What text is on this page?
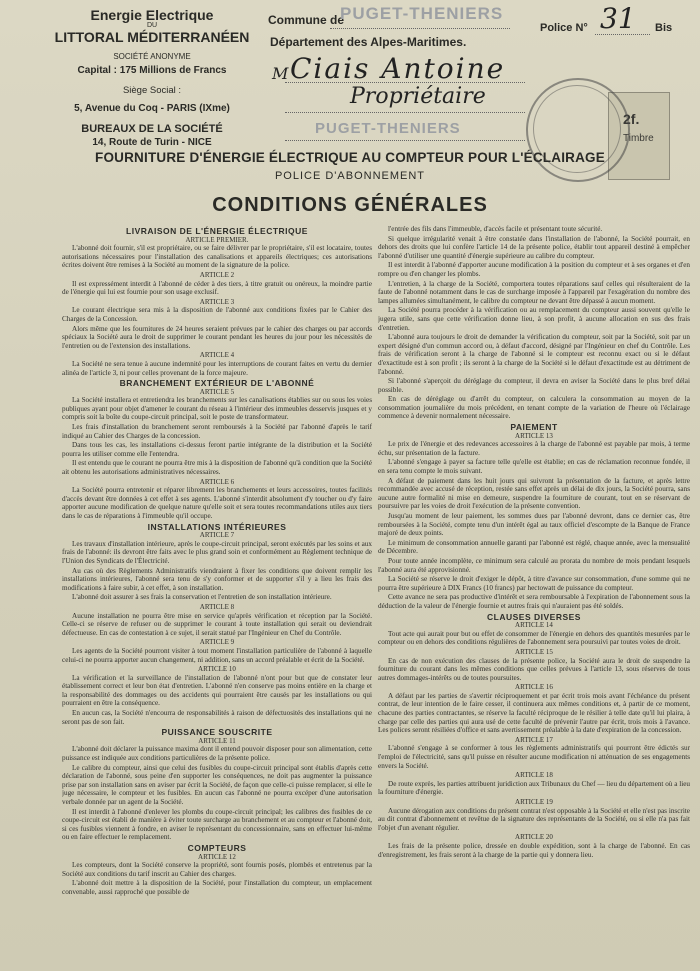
Energie Electrique
DU
LITTORAL MÉDITERRANÉEN
SOCIÉTÉ ANONYME
Capital : 175 Millions de Francs
Siège Social :
5, Avenue du Coq - PARIS (IXme)
BUREAUX DE LA SOCIÉTÉ
14, Route de Turin - NICE
Commune de
PUGET-THENIERS
Département des Alpes-Maritimes.
Police N° 31 Bis
M Ciais Antoine
Propriétaire
PUGET-THENIERS
2f.
Timbre
FOURNITURE D'ÉNERGIE ÉLECTRIQUE AU COMPTEUR POUR L'ÉCLAIRAGE
POLICE D'ABONNEMENT
CONDITIONS GÉNÉRALES

LIVRAISON DE L'ÉNERGIE ÉLECTRIQUE

ARTICLE PREMIER.

L'abonné doit fournir, s'il est propriétaire, ou se faire délivrer par le propriétaire, s'il est locataire, toutes autorisations nécessaires pour l'installation des canalisations et appareils électriques; ces autorisations écrites doivent être remises à la Société au moment de la signature de la police.

ARTICLE 2

Il est expressément interdit à l'abonné de céder à des tiers, à titre gratuit ou onéreux, la moindre partie de l'énergie qui lui est fournie pour son usage exclusif.

ARTICLE 3

Le courant électrique sera mis à la disposition de l'abonné aux conditions fixées par le Cahier des Charges de la Concession.

Alors même que les fournitures de 24 heures seraient prévues par le cahier des charges ou par accords spéciaux la Société aura le droit de supprimer le courant pendant les heures du jour pour les nécessités de l'entretien ou de l'extension des installations.

ARTICLE 4

La Société ne sera tenue à aucune indemnité pour les interruptions de courant faites en vertu du dernier alinéa de l'article 3, ni pour celles provenant de la force majeure.

BRANCHEMENT EXTÉRIEUR DE L'ABONNÉ

ARTICLE 5

La Société installera et entretiendra les branchements sur les canalisations établies sur ou sous les voies publiques ayant pour objet d'amener le courant du réseau à l'intérieur des immeubles desservis jusques et y compris soit la boîte du coupe-circuit principal, soit le poste de transformateur.

Les frais d'installation du branchement seront remboursés à la Société par l'abonné d'après le tarif indiqué au Cahier des Charges de la concession.

Dans tous les cas, les installations ci-dessus feront partie intégrante de la distribution et la Société pourra les utiliser comme elle l'entendra.

Il est entendu que le courant ne pourra être mis à la disposition de l'abonné qu'à condition que la Société ait obtenu les autorisations administratives nécessaires.

ARTICLE 6

La Société pourra entretenir et réparer librement les branchements et leurs accessoires, toutes facilités d'accès devant être données à cet effet à ses agents. L'abonné s'interdit absolument d'y toucher ou d'y faire apporter aucune modification de quelque nature qu'elle soit et sera toutes recommandations utiles aux tiers dans le cas de réparations à l'immeuble qu'il occupe.

INSTALLATIONS INTÉRIEURES

ARTICLE 7

Les travaux d'installation intérieure, après le coupe-circuit principal, seront exécutés par les soins et aux frais de l'abonné: ils devront être faits avec le plus grand soin et conformément au Règlement technique de l'Union des Syndicats de l'Électricité.

Au cas où des Règlements Administratifs viendraient à fixer les conditions que doivent remplir les installations intérieures, l'abonné sera tenu de s'y conformer et de supporter s'il y a lieu les frais des modifications à faire subir, à cet effet, à son installation.

L'abonné doit assurer à ses frais la conservation et l'entretien de son installation intérieure.

ARTICLE 8

Aucune installation ne pourra être mise en service qu'après vérification et réception par la Société. Celle-ci se réserve de refuser ou de supprimer le courant à toute installation qui serait ou deviendrait défectueuse. En cas de contestation à ce sujet, il serait statué par l'Ingénieur en Chef du Contrôle.

ARTICLE 9

Les agents de la Société pourront visiter à tout moment l'installation particulière de l'abonné à laquelle celui-ci ne pourra apporter aucun changement, ni addition, sans un accord préalable et écrit de la Société.

ARTICLE 10

La vérification et la surveillance de l'installation de l'abonné n'ont pour but que de constater leur établissement correct et leur bon état d'entretien. L'abonné n'en conserve pas moins entière en la charge et la responsabilité des dommages ou des accidents qui pourraient être causés par les installations ou qui pourraient en être la conséquence.

En aucun cas, la Société n'encourra de responsabilités à raison de défectuosités des installations qui ne seront pas de son fait.

PUISSANCE SOUSCRITE

ARTICLE 11

L'abonné doit déclarer la puissance maxima dont il entend pouvoir disposer pour son alimentation, cette puissance est indiquée aux conditions particulières de la présente police.

Le calibre du compteur, ainsi que celui des fusibles du coupe-circuit principal sont établis d'après cette déclaration de l'abonné, sous peine d'en supporter les conséquences, ne doit pas augmenter la puissance prise par son installation sans en aviser par écrit la Société, de façon que celle-ci puisse remplacer, si elle le juge nécessaire, le compteur et les fusibles. En aucun cas l'abonné ne pourra excéper d'une autorisation verbale donnée par un agent de la Société.

Il est interdit à l'abonné d'enlever les plombs du coupe-circuit principal; les calibres des fusibles de ce coupe-circuit est établi de manière à éviter toute surcharge au branchement et au compteur et l'abonné doit, si ces fusibles viennent à fondre, en aviser le représentant du concessionnaire, sans en effectuer lui-même ou en faire effectuer le remplacement.

COMPTEURS

ARTICLE 12

Les compteurs, dont la Société conserve la propriété, sont fournis posés, plombés et entretenus par la Société aux conditions du tarif inscrit au Cahier des charges.

L'abonné doit mettre à la disposition de la Société, pour l'installation du compteur, un emplacement convenable, aussi rapproché que possible de

l'entrée des fils dans l'immeuble, d'accès facile et présentant toute sécurité.

Si quelque irrégularité venait à être constatée dans l'installation de l'abonné, la Société pourrait, en dehors des droits que lui confère l'article 14 de la présente police, établir tout appareil destiné à empêcher l'abonné d'utiliser une quantité d'énergie supérieure au calibre du compteur.

Il est interdit à l'abonné d'apporter aucune modification à la position du compteur et à ses organes et d'en rompre ou d'en changer les plombs.

L'entretien, à la charge de la Société, comportera toutes réparations sauf celles qui résulteraient de la faute de l'abonné notamment dans le cas de surcharge imposée à l'appareil par l'exagération du nombre des lampes allumées simultanément, le calibre du compteur ne devant être dépassé à aucun moment.

La Société pourra procéder à la vérification ou au remplacement du compteur aussi souvent qu'elle le jugera utile, sans que cette vérification donne lieu, à son profit, à aucune allocation en sus des frais d'entretien.

L'abonné aura toujours le droit de demander la vérification du compteur, soit par la Société, soit par un expert désigné d'un commun accord ou, à défaut d'accord, désigné par l'Ingénieur en chef du Contrôle. Les frais de vérification seront à la charge de l'abonné si le compteur est reconnu exact ou si le défaut d'exactitude est à son profit ; ils seront à la charge de la Société si le défaut d'exactitude est au détriment de l'abonné.

Si l'abonné s'aperçoit du déréglage du compteur, il devra en aviser la Société dans le plus bref délai possible.

En cas de déréglage ou d'arrêt du compteur, on calculera la consommation au moyen de la consommation journalière du mois précédent, en tenant compte de la variation de l'heure où l'éclairage commence à devenir normalement nécessaire.

PAIEMENT

ARTICLE 13

Le prix de l'énergie et des redevances accessoires à la charge de l'abonné est payable par mois, à terme échu, sur présentation de la facture.

L'abonné s'engage à payer sa facture telle qu'elle est établie; en cas de réclamation reconnue fondée, il en sera tenu compte le mois suivant.

A défaut de paiement dans les huit jours qui suivront la présentation de la facture, et après lettre recommandée avec accusé de réception, restée sans effet après un délai de dix jours, la Société pourra, sans aucune autre formalité ni mise en demeure, suspendre la fourniture de courant, tout en se réservant de poursuivre par les voies de droit l'exécution de la présente convention.

Jusqu'au moment de leur paiement, les sommes dues par l'abonné devront, dans ce dernier cas, être remboursées à la Société, compte tenu d'un intérêt égal au taux officiel d'escompte de la Banque de France majoré de deux points.

Le minimum de consommation annuelle garanti par l'abonné est réglé, chaque année, avec la mensualité de Décembre.

Pour toute année incomplète, ce minimum sera calculé au prorata du nombre de mois pendant lesquels l'abonné aura été approvisionné.

La Société se réserve le droit d'exiger le dépôt, à titre d'avance sur consommation, d'une somme qui ne pourra être supérieure à DIX Francs (10 francs) par hectowatt de puissance du compteur.

Cette avance ne sera pas productive d'intérêt et sera remboursable à l'expiration de l'abonnement sous la déduction de la valeur de l'énergie fournie et autres frais qui n'auraient pas été soldés.

CLAUSES DIVERSES

ARTICLE 14

Tout acte qui aurait pour but ou effet de consommer de l'énergie en dehors des quantités mesurées par le compteur ou en dehors des conditions régulières de l'abonnement sera poursuivi par toutes voies de droit.

ARTICLE 15

En cas de non exécution des clauses de la présente police, la Société aura le droit de suspendre la fourniture du courant dans les mêmes conditions que celles prévues à l'article 13, sous réserves de tous autres dommages-intérêts ou de toutes poursuites.

ARTICLE 16

A défaut par les parties de s'avertir réciproquement et par écrit trois mois avant l'échéance du présent contrat, de leur intention de le faire cesser, il continuera aux mêmes conditions et, à partir de ce moment, chacune des parties contractantes, se réserve la faculté réciproque de le résilier à telle date qu'il lui plaira, à charge par celle des parties qui aura usé de cette faculté de prévenir l'autre par écrit, trois mois à l'avance. Les polices seront résiliées d'office et sans avertissement préalable à la date d'expiration de la concession.

ARTICLE 17

L'abonné s'engage à se conformer à tous les règlements administratifs qui pourront être édictés sur l'emploi de l'électricité, sans qu'il puisse en résulter aucune modification ni atténuation de ses engagements envers la Société.

ARTICLE 18

De route exprès, les parties attribuent juridiction aux Tribunaux du Chef — lieu du département où a lieu la fourniture d'énergie.

ARTICLE 19

Aucune dérogation aux conditions du présent contrat n'est opposable à la Société et elle n'est pas inscrite au dit contrat d'abonnement et revêtue de la signature des représentants de la Société, ou si elle n'a pas fait l'objet d'un avenant régulier.

ARTICLE 20

Les frais de la présente police, dressée en double expédition, sont à la charge de l'abonné. En cas d'enregistrement, les frais seront à la charge de la partie qui y donnera lieu.
